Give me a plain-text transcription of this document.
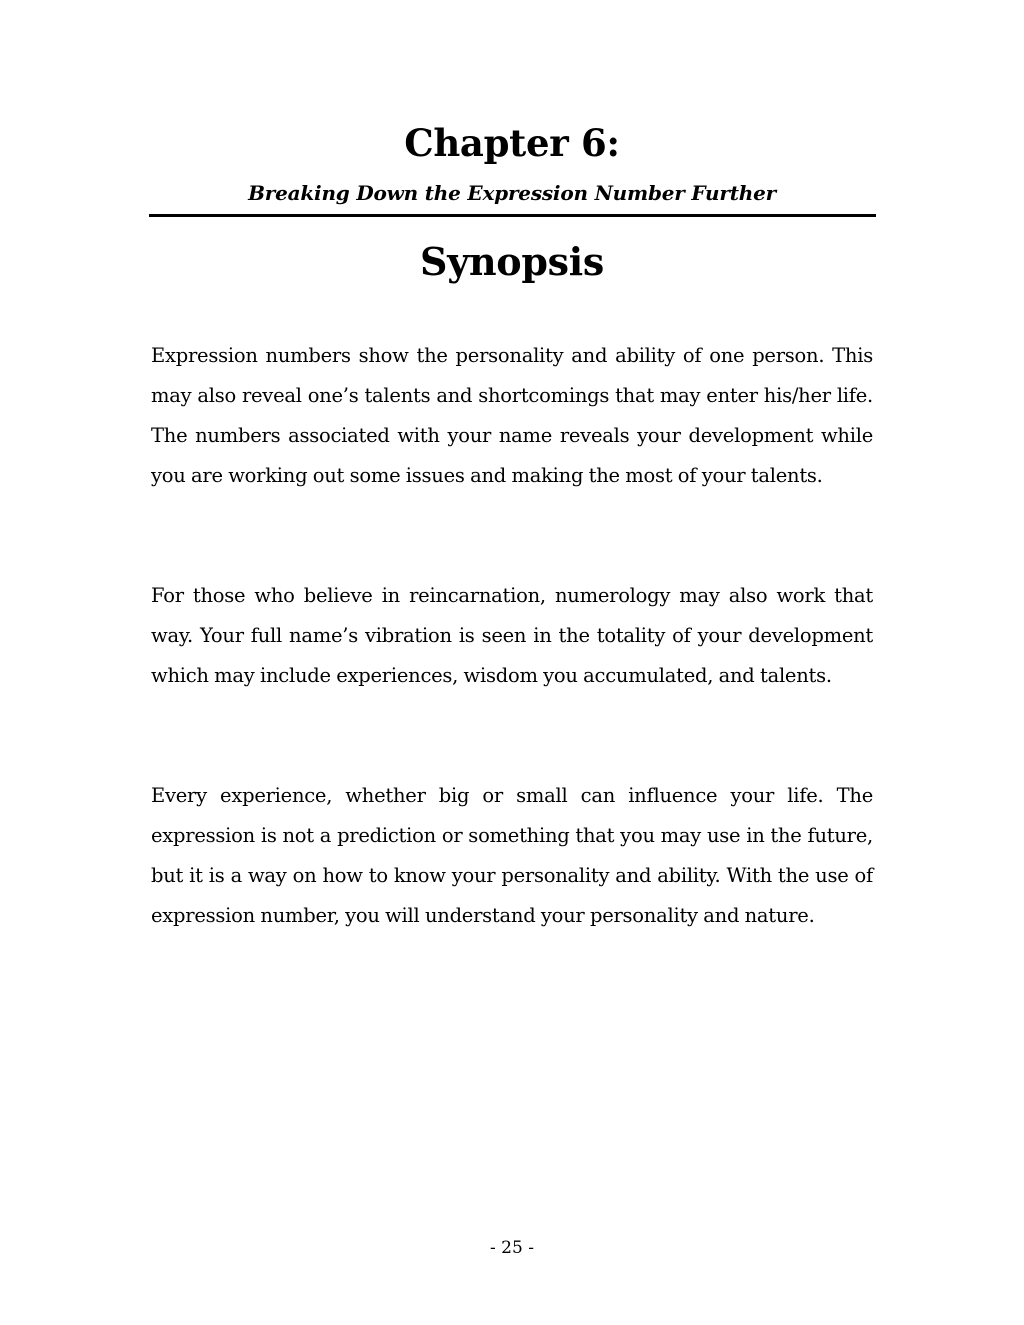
Chapter 6:
Breaking Down the Expression Number Further
Synopsis

Expression numbers show the personality and ability of one person. This may also reveal one’s talents and shortcomings that may enter his/her life. The numbers associated with your name reveals your development while you are working out some issues and making the most of your talents.

For those who believe in reincarnation, numerology may also work that way. Your full name’s vibration is seen in the totality of your development which may include experiences, wisdom you accumulated, and talents.

Every experience, whether big or small can influence your life. The expression is not a prediction or something that you may use in the future, but it is a way on how to know your personality and ability. With the use of expression number, you will understand your personality and nature.

- 25 -
